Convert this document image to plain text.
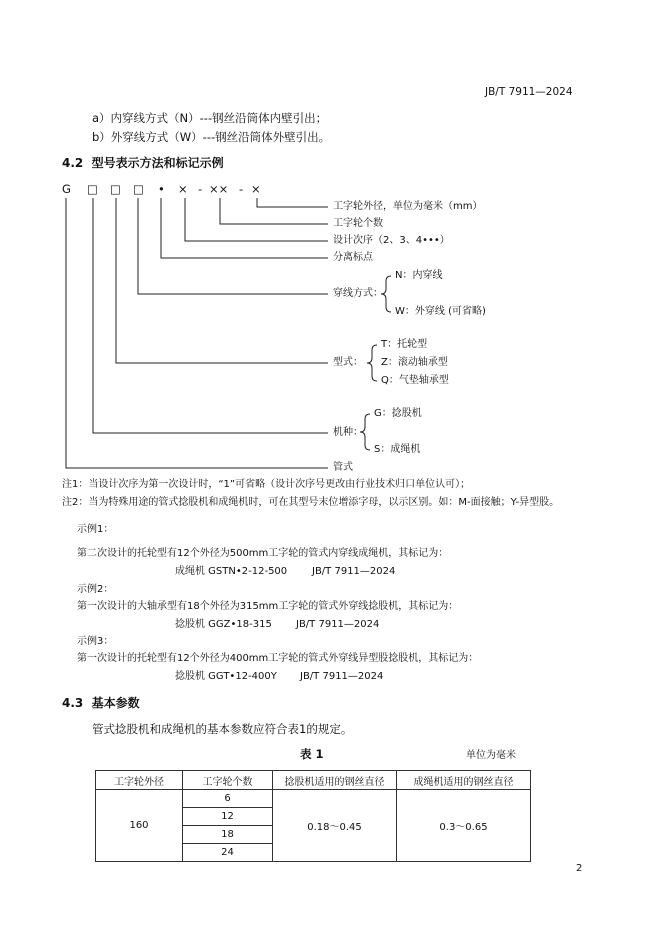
JB/T 7911—2024
a）内穿线方式（N）---钢丝沿筒体内壁引出；
b）外穿线方式（W）---钢丝沿筒体外壁引出。
4.2 型号表示方法和标记示例
G □ □ □ • × - ×× - ×
工字轮外径，单位为毫米（mm）
工字轮个数
设计次序（2、3、4•••）
分离标点
穿线方式：
N：内穿线
W：外穿线 (可省略)
型式：
T：托轮型
Z：滚动轴承型
Q：气垫轴承型
机种：
G：捻股机
S：成绳机
管式
注1：当设计次序为第一次设计时，“1”可省略（设计次序号更改由行业技术归口单位认可）；
注2：当为特殊用途的管式捻股机和成绳机时，可在其型号末位增添字母，以示区别。如：M-面接触；Y-异型股。
示例1：
第二次设计的托轮型有12个外径为500mm工字轮的管式内穿线成绳机，其标记为：
成绳机 GSTN•2-12-500 JB/T 7911—2024
示例2：
第一次设计的大轴承型有18个外径为315mm工字轮的管式外穿线捻股机，其标记为：
捻股机 GGZ•18-315 JB/T 7911—2024
示例3：
第一次设计的托轮型有12个外径为400mm工字轮的管式外穿线异型股捻股机，其标记为：
捻股机 GGT•12-400Y JB/T 7911—2024
4.3 基本参数
管式捻股机和成绳机的基本参数应符合表1的规定。
表 1	单位为毫米
工字轮外径	工字轮个数	捻股机适用的钢丝直径	成绳机适用的钢丝直径
160	6	0.18～0.45	0.3～0.65
	12		
	18		
	24		
2
